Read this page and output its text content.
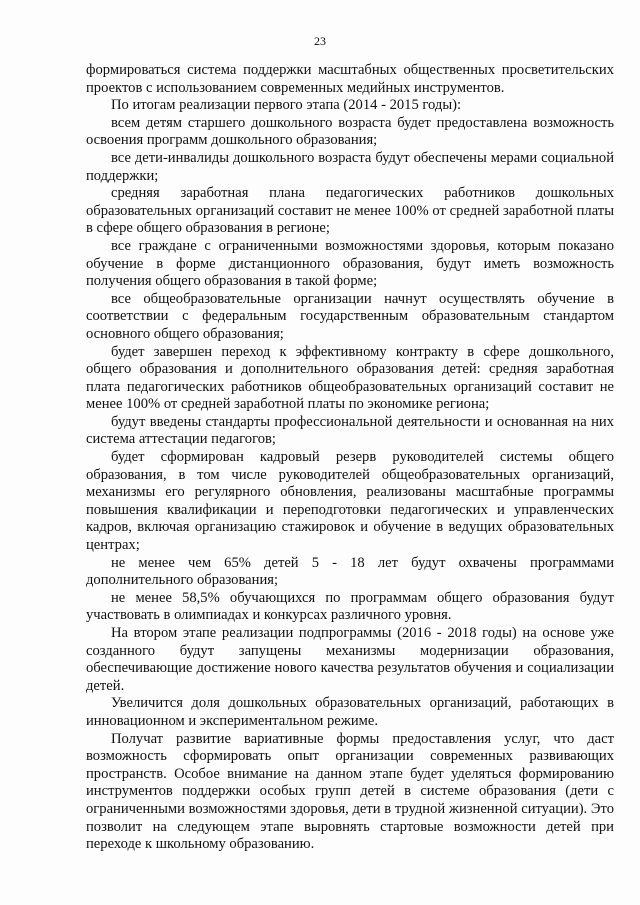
23

формироваться система поддержки масштабных общественных просветительских проектов с использованием современных медийных инструментов.

По итогам реализации первого этапа (2014 - 2015 годы):

всем детям старшего дошкольного возраста будет предоставлена возможность освоения программ дошкольного образования;

все дети-инвалиды дошкольного возраста будут обеспечены мерами социальной поддержки;

средняя заработная плана педагогических работников дошкольных образовательных организаций составит не менее 100% от средней заработной платы в сфере общего образования в регионе;

все граждане с ограниченными возможностями здоровья, которым показано обучение в форме дистанционного образования, будут иметь возможность получения общего образования в такой форме;

все общеобразовательные организации начнут осуществлять обучение в соответствии с федеральным государственным образовательным стандартом основного общего образования;

будет завершен переход к эффективному контракту в сфере дошкольного, общего образования и дополнительного образования детей: средняя заработная плата педагогических работников общеобразовательных организаций составит не менее 100% от средней заработной платы по экономике региона;

будут введены стандарты профессиональной деятельности и основанная на них система аттестации педагогов;

будет сформирован кадровый резерв руководителей системы общего образования, в том числе руководителей общеобразовательных организаций, механизмы его регулярного обновления, реализованы масштабные программы повышения квалификации и переподготовки педагогических и управленческих кадров, включая организацию стажировок и обучение в ведущих образовательных центрах;

не менее чем 65% детей 5 - 18 лет будут охвачены программами дополнительного образования;

не менее 58,5% обучающихся по программам общего образования будут участвовать в олимпиадах и конкурсах различного уровня.

На втором этапе реализации подпрограммы (2016 - 2018 годы) на основе уже созданного будут запущены механизмы модернизации образования, обеспечивающие достижение нового качества результатов обучения и социализации детей.

Увеличится доля дошкольных образовательных организаций, работающих в инновационном и экспериментальном режиме.

Получат развитие вариативные формы предоставления услуг, что даст возможность сформировать опыт организации современных развивающих пространств. Особое внимание на данном этапе будет уделяться формированию инструментов поддержки особых групп детей в системе образования (дети с ограниченными возможностями здоровья, дети в трудной жизненной ситуации). Это позволит на следующем этапе выровнять стартовые возможности детей при переходе к школьному образованию.
